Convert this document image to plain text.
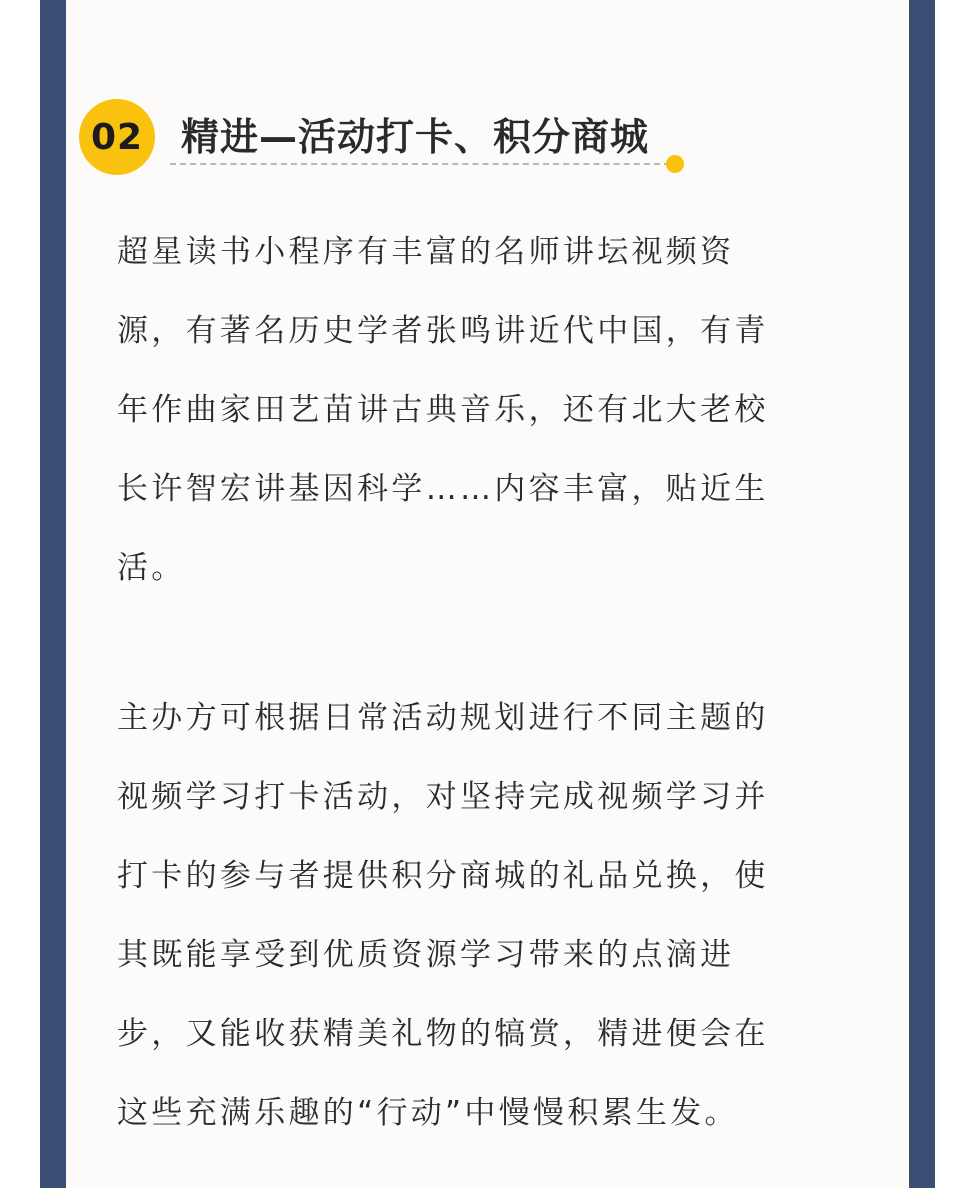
02 精进—活动打卡、积分商城
超星读书小程序有丰富的名师讲坛视频资
源，有著名历史学者张鸣讲近代中国，有青
年作曲家田艺苗讲古典音乐，还有北大老校
长许智宏讲基因科学……内容丰富，贴近生
活。
主办方可根据日常活动规划进行不同主题的
视频学习打卡活动，对坚持完成视频学习并
打卡的参与者提供积分商城的礼品兑换，使
其既能享受到优质资源学习带来的点滴进
步，又能收获精美礼物的犒赏，精进便会在
这些充满乐趣的“行动”中慢慢积累生发。
